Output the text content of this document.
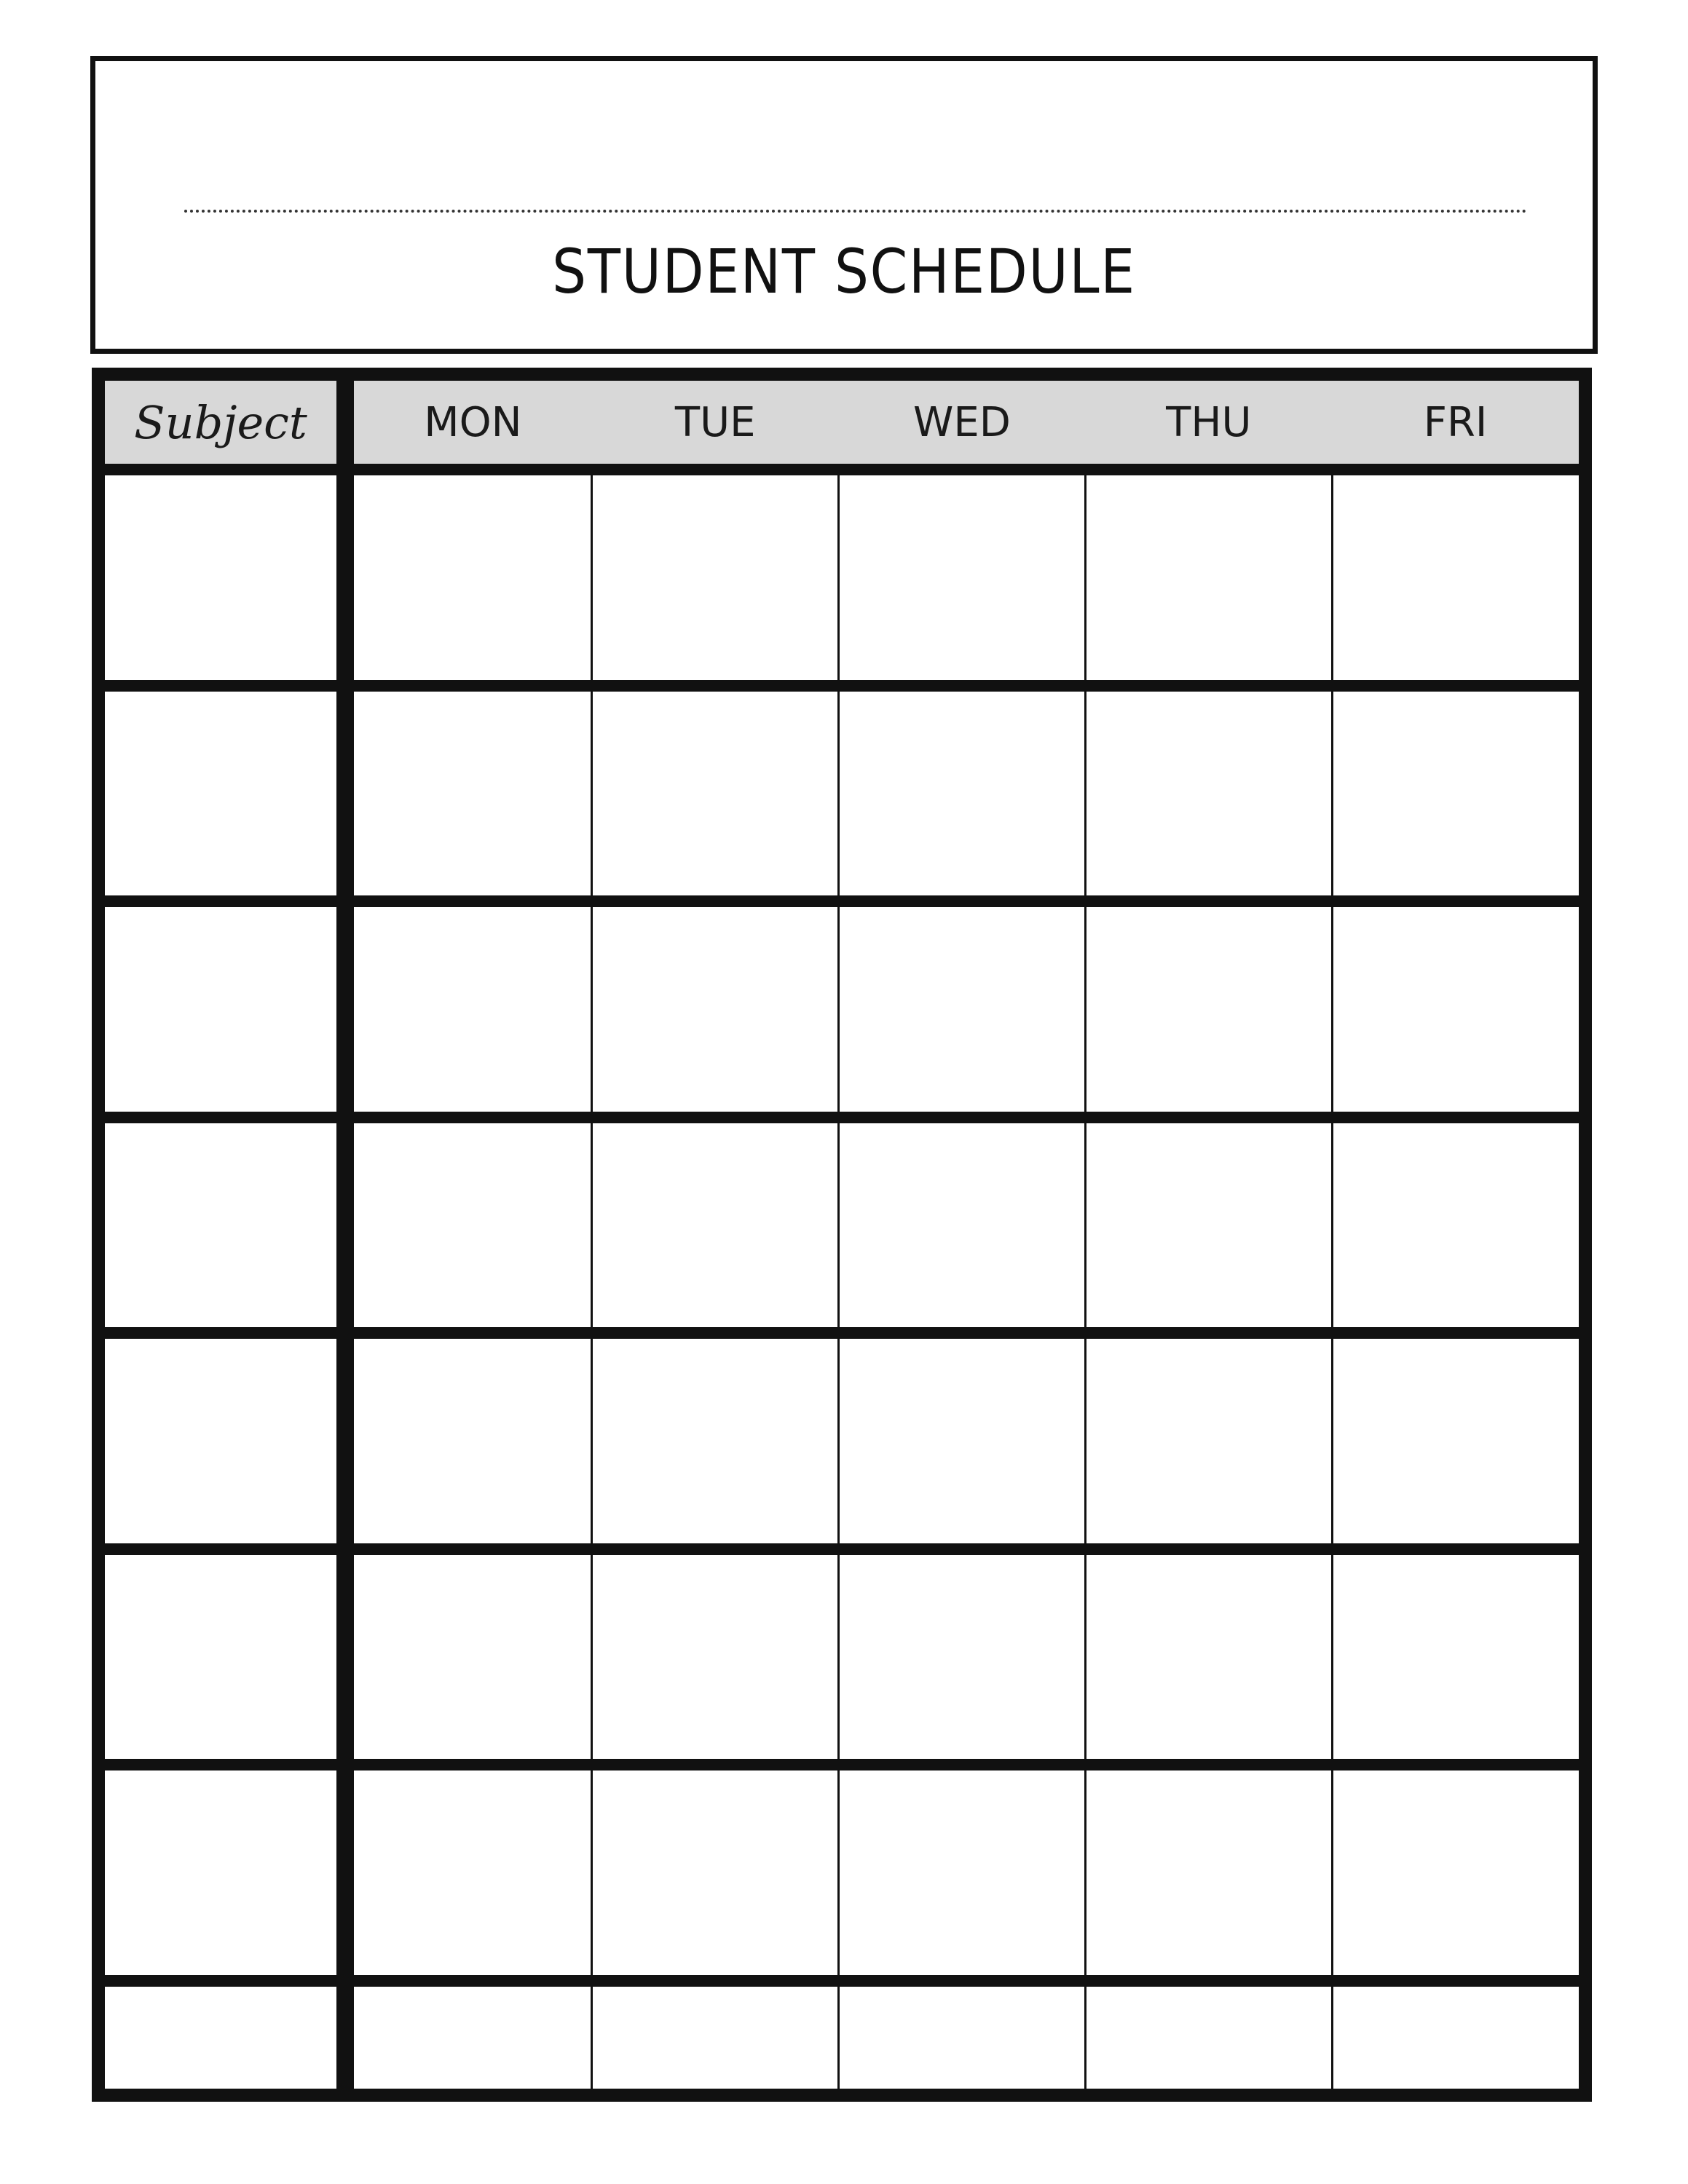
STUDENT SCHEDULE
Subject	MON	TUE	WED	THU	FRI
